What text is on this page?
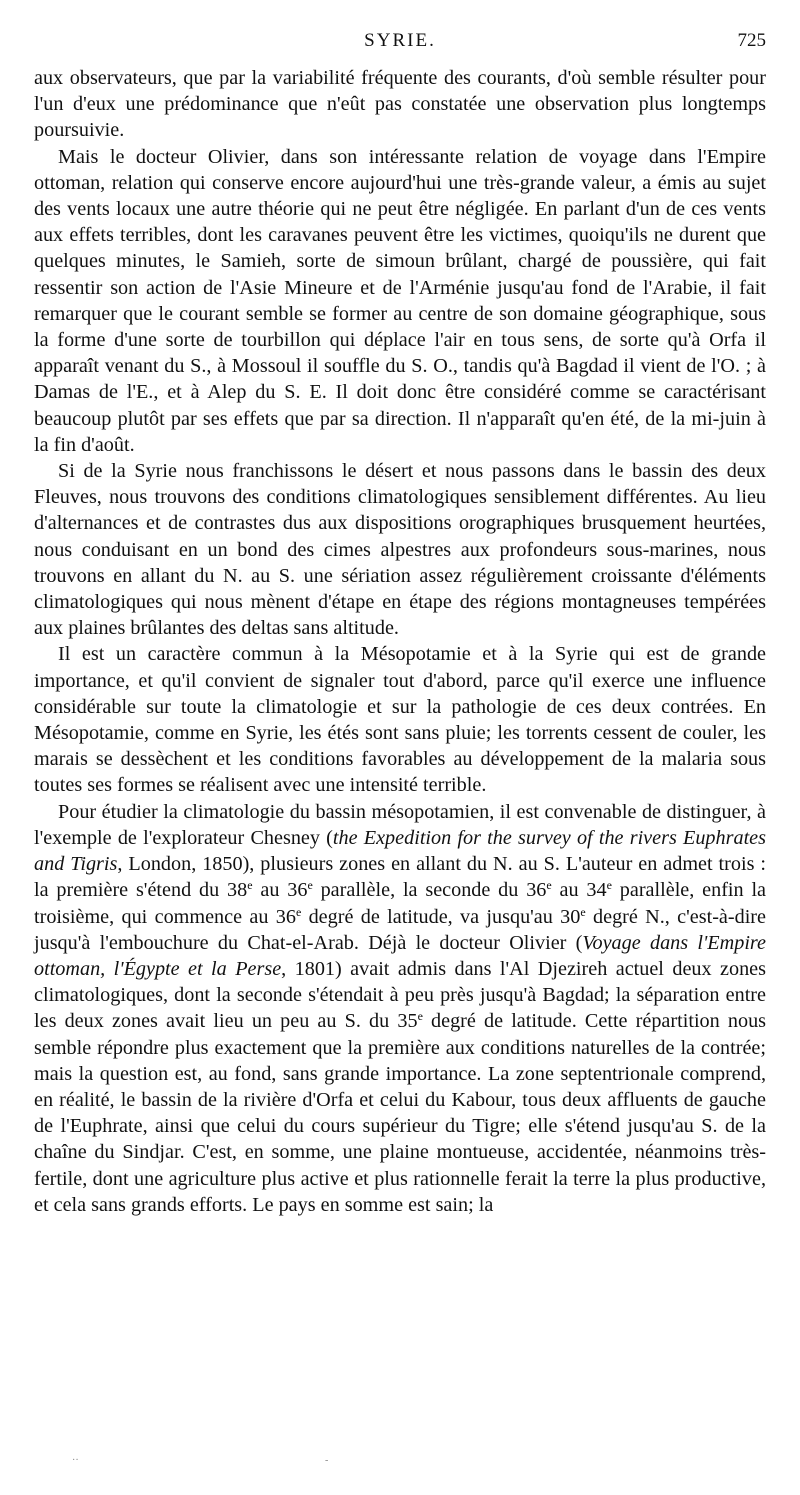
SYRIE.	725

aux observateurs, que par la variabilité fréquente des courants, d'où semble résulter pour l'un d'eux une prédominance que n'eût pas constatée une observation plus longtemps poursuivie.

Mais le docteur Olivier, dans son intéressante relation de voyage dans l'Empire ottoman, relation qui conserve encore aujourd'hui une très-grande valeur, a émis au sujet des vents locaux une autre théorie qui ne peut être négligée. En parlant d'un de ces vents aux effets terribles, dont les caravanes peuvent être les victimes, quoiqu'ils ne durent que quelques minutes, le Samieh, sorte de simoun brûlant, chargé de poussière, qui fait ressentir son action de l'Asie Mineure et de l'Arménie jusqu'au fond de l'Arabie, il fait remarquer que le courant semble se former au centre de son domaine géographique, sous la forme d'une sorte de tourbillon qui déplace l'air en tous sens, de sorte qu'à Orfa il apparaît venant du S., à Mossoul il souffle du S. O., tandis qu'à Bagdad il vient de l'O. ; à Damas de l'E., et à Alep du S. E. Il doit donc être considéré comme se caractérisant beaucoup plutôt par ses effets que par sa direction. Il n'apparaît qu'en été, de la mi-juin à la fin d'août.

Si de la Syrie nous franchissons le désert et nous passons dans le bassin des deux Fleuves, nous trouvons des conditions climatologiques sensiblement différentes. Au lieu d'alternances et de contrastes dus aux dispositions orographiques brusquement heurtées, nous conduisant en un bond des cimes alpestres aux profondeurs sous-marines, nous trouvons en allant du N. au S. une sériation assez régulièrement croissante d'éléments climatologiques qui nous mènent d'étape en étape des régions montagneuses tempérées aux plaines brûlantes des deltas sans altitude.

Il est un caractère commun à la Mésopotamie et à la Syrie qui est de grande importance, et qu'il convient de signaler tout d'abord, parce qu'il exerce une influence considérable sur toute la climatologie et sur la pathologie de ces deux contrées. En Mésopotamie, comme en Syrie, les étés sont sans pluie; les torrents cessent de couler, les marais se dessèchent et les conditions favorables au développement de la malaria sous toutes ses formes se réalisent avec une intensité terrible.

Pour étudier la climatologie du bassin mésopotamien, il est convenable de distinguer, à l'exemple de l'explorateur Chesney (the Expedition for the survey of the rivers Euphrates and Tigris, London, 1850), plusieurs zones en allant du N. au S. L'auteur en admet trois : la première s'étend du 38e au 36e parallèle, la seconde du 36e au 34e parallèle, enfin la troisième, qui commence au 36e degré de latitude, va jusqu'au 30e degré N., c'est-à-dire jusqu'à l'embouchure du Chat-el-Arab. Déjà le docteur Olivier (Voyage dans l'Empire ottoman, l'Égypte et la Perse, 1801) avait admis dans l'Al Djezireh actuel deux zones climatologiques, dont la seconde s'étendait à peu près jusqu'à Bagdad; la séparation entre les deux zones avait lieu un peu au S. du 35e degré de latitude. Cette répartition nous semble répondre plus exactement que la première aux conditions naturelles de la contrée; mais la question est, au fond, sans grande importance. La zone septentrionale comprend, en réalité, le bassin de la rivière d'Orfa et celui du Kabour, tous deux affluents de gauche de l'Euphrate, ainsi que celui du cours supérieur du Tigre; elle s'étend jusqu'au S. de la chaîne du Sindjar. C'est, en somme, une plaine montueuse, accidentée, néanmoins très-fertile, dont une agriculture plus active et plus rationnelle ferait la terre la plus productive, et cela sans grands efforts. Le pays en somme est sain; la

··	-
